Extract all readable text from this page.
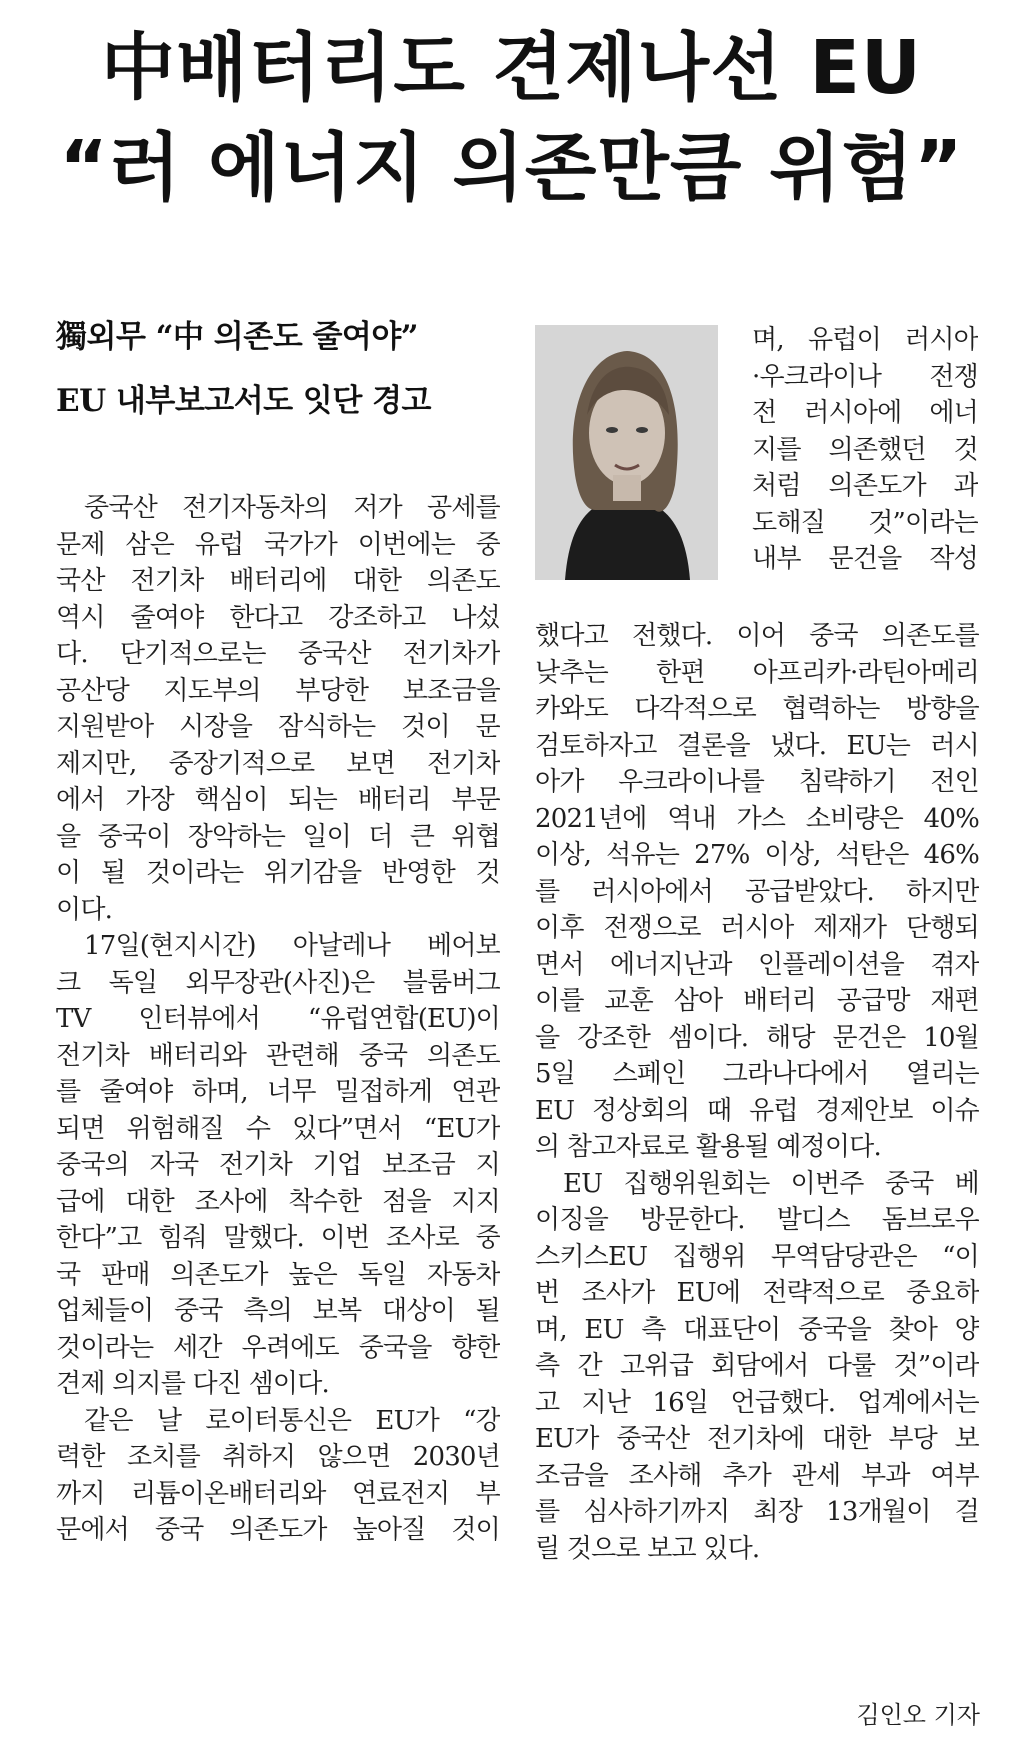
中배터리도 견제나선 EU
“러 에너지 의존만큼 위험”
獨외무 “中 의존도 줄여야”
EU 내부보고서도 잇단 경고
중국산 전기자동차의 저가 공세를
문제 삼은 유럽 국가가 이번에는 중
국산 전기차 배터리에 대한 의존도
역시 줄여야 한다고 강조하고 나섰
다. 단기적으로는 중국산 전기차가
공산당 지도부의 부당한 보조금을
지원받아 시장을 잠식하는 것이 문
제지만, 중장기적으로 보면 전기차
에서 가장 핵심이 되는 배터리 부문
을 중국이 장악하는 일이 더 큰 위협
이 될 것이라는 위기감을 반영한 것
이다.
17일(현지시간) 아날레나 베어보
크 독일 외무장관(사진)은 블룸버그
TV 인터뷰에서 “유럽연합(EU)이
전기차 배터리와 관련해 중국 의존도
를 줄여야 하며, 너무 밀접하게 연관
되면 위험해질 수 있다”면서 “EU가
중국의 자국 전기차 기업 보조금 지
급에 대한 조사에 착수한 점을 지지
한다”고 힘줘 말했다. 이번 조사로 중
국 판매 의존도가 높은 독일 자동차
업체들이 중국 측의 보복 대상이 될
것이라는 세간 우려에도 중국을 향한
견제 의지를 다진 셈이다.
같은 날 로이터통신은 EU가 “강
력한 조치를 취하지 않으면 2030년
까지 리튬이온배터리와 연료전지 부
문에서 중국 의존도가 높아질 것이
며, 유럽이 러시아
·우크라이나 전쟁
전 러시아에 에너
지를 의존했던 것
처럼 의존도가 과
도해질 것”이라는
내부 문건을 작성
했다고 전했다. 이어 중국 의존도를
낮추는 한편 아프리카·라틴아메리
카와도 다각적으로 협력하는 방향을
검토하자고 결론을 냈다. EU는 러시
아가 우크라이나를 침략하기 전인
2021년에 역내 가스 소비량은 40%
이상, 석유는 27% 이상, 석탄은 46%
를 러시아에서 공급받았다. 하지만
이후 전쟁으로 러시아 제재가 단행되
면서 에너지난과 인플레이션을 겪자
이를 교훈 삼아 배터리 공급망 재편
을 강조한 셈이다. 해당 문건은 10월
5일 스페인 그라나다에서 열리는
EU 정상회의 때 유럽 경제안보 이슈
의 참고자료로 활용될 예정이다.
EU 집행위원회는 이번주 중국 베
이징을 방문한다. 발디스 돔브로우
스키스EU 집행위 무역담당관은 “이
번 조사가 EU에 전략적으로 중요하
며, EU 측 대표단이 중국을 찾아 양
측 간 고위급 회담에서 다룰 것”이라
고 지난 16일 언급했다. 업계에서는
EU가 중국산 전기차에 대한 부당 보
조금을 조사해 추가 관세 부과 여부
를 심사하기까지 최장 13개월이 걸
릴 것으로 보고 있다.
김인오 기자
